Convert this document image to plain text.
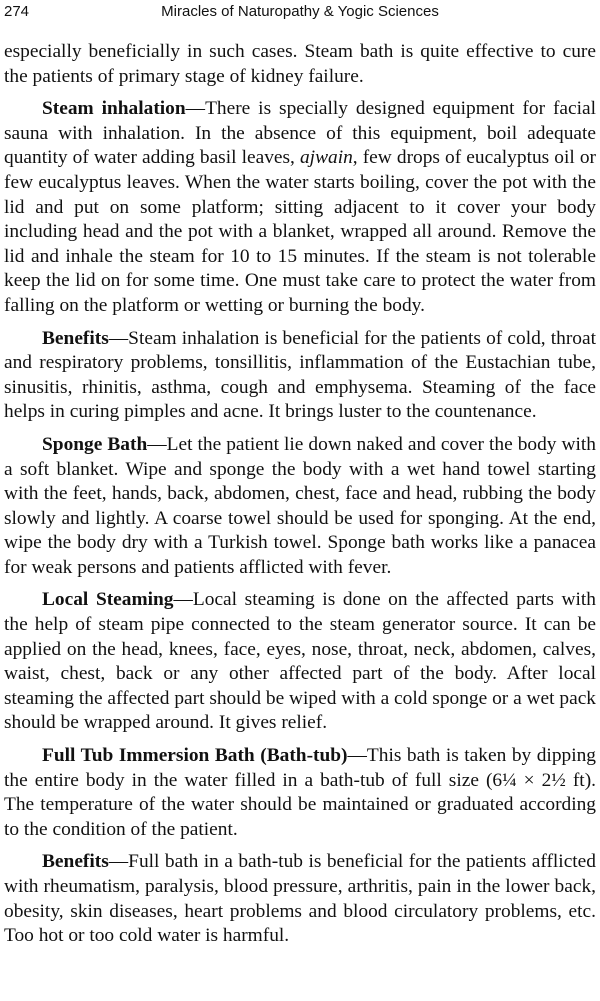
274	Miracles of Naturopathy & Yogic Sciences

especially beneficially in such cases. Steam bath is quite effective to cure the patients of primary stage of kidney failure.

Steam inhalation—There is specially designed equipment for facial sauna with inhalation. In the absence of this equipment, boil adequate quantity of water adding basil leaves, ajwain, few drops of eucalyptus oil or few eucalyptus leaves. When the water starts boiling, cover the pot with the lid and put on some platform; sitting adjacent to it cover your body including head and the pot with a blanket, wrapped all around. Remove the lid and inhale the steam for 10 to 15 minutes. If the steam is not tolerable keep the lid on for some time. One must take care to protect the water from falling on the platform or wetting or burning the body.

Benefits—Steam inhalation is beneficial for the patients of cold, throat and respiratory problems, tonsillitis, inflammation of the Eustachian tube, sinusitis, rhinitis, asthma, cough and emphysema. Steaming of the face helps in curing pimples and acne. It brings luster to the countenance.

Sponge Bath—Let the patient lie down naked and cover the body with a soft blanket. Wipe and sponge the body with a wet hand towel starting with the feet, hands, back, abdomen, chest, face and head, rubbing the body slowly and lightly. A coarse towel should be used for sponging. At the end, wipe the body dry with a Turkish towel. Sponge bath works like a panacea for weak persons and patients afflicted with fever.

Local Steaming—Local steaming is done on the affected parts with the help of steam pipe connected to the steam generator source. It can be applied on the head, knees, face, eyes, nose, throat, neck, abdomen, calves, waist, chest, back or any other affected part of the body. After local steaming the affected part should be wiped with a cold sponge or a wet pack should be wrapped around. It gives relief.

Full Tub Immersion Bath (Bath-tub)—This bath is taken by dipping the entire body in the water filled in a bath-tub of full size (6¼ × 2½ ft). The temperature of the water should be maintained or graduated according to the condition of the patient.

Benefits—Full bath in a bath-tub is beneficial for the patients afflicted with rheumatism, paralysis, blood pressure, arthritis, pain in the lower back, obesity, skin diseases, heart problems and blood circulatory problems, etc. Too hot or too cold water is harmful.
